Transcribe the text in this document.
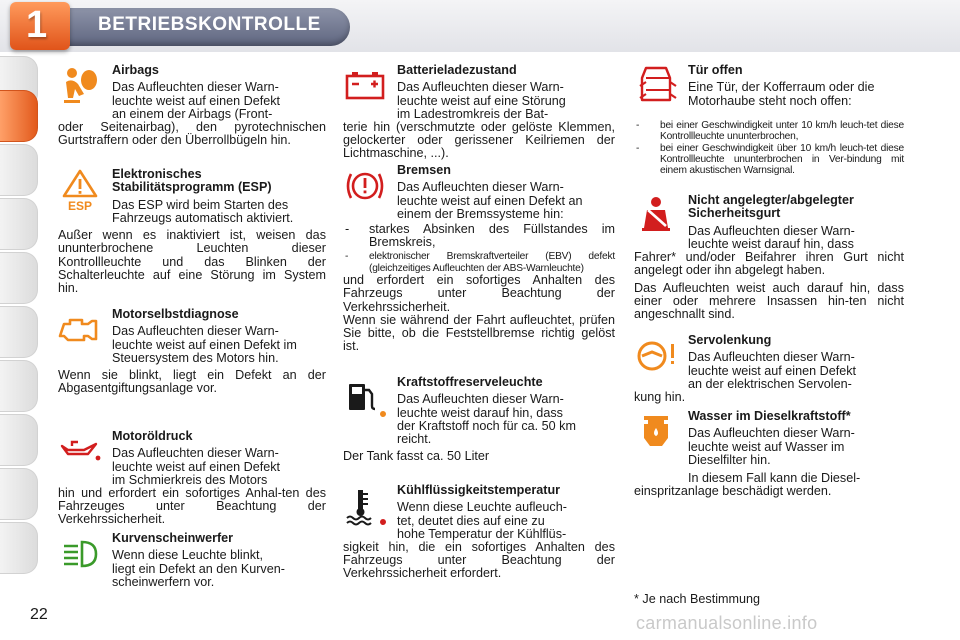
1	BETRIEBSKONTROLLE
Airbags
Das Aufleuchten dieser Warn-
leuchte weist auf einen Defekt
an einem der Airbags (Front-
oder Seitenairbag), den pyrotechnischen Gurtstraffern oder den Überrollbügeln hin.
ESP
Elektronisches Stabilitätsprogramm (ESP)
Das ESP wird beim Starten des
Fahrzeugs automatisch aktiviert.

Außer wenn es inaktiviert ist, weisen das ununterbrochene Leuchten dieser Kontrollleuchte und das Blinken der Schalterleuchte auf eine Störung im System hin.

Motorselbstdiagnose
Das Aufleuchten dieser Warn-
leuchte weist auf einen Defekt im
Steuersystem des Motors hin.

Wenn sie blinkt, liegt ein Defekt an der Abgasentgiftungsanlage vor.

Motoröldruck
Das Aufleuchten dieser Warn-
leuchte weist auf einen Defekt
im Schmierkreis des Motors
hin und erfordert ein sofortiges Anhal-ten des Fahrzeuges unter Beachtung der Verkehrssicherheit.
Kurvenscheinwerfer
Wenn diese Leuchte blinkt,
liegt ein Defekt an den Kurven-
scheinwerfern vor.
Batterieladezustand
Das Aufleuchten dieser Warn-
leuchte weist auf eine Störung
im Ladestromkreis der Bat-
terie hin (verschmutzte oder gelöste Klemmen, gelockerter oder gerissener Keilriemen der Lichtmaschine, ...).
Bremsen
Das Aufleuchten dieser Warn-
leuchte weist auf einen Defekt an
einem der Bremssysteme hin:
- starkes Absinken des Füllstandes im Bremskreis,
- elektronischer Bremskraftverteiler (EBV) defekt (gleichzeitiges Aufleuchten der ABS-Warnleuchte)

und erfordert ein sofortiges Anhalten des Fahrzeugs unter Beachtung der Verkehrssicherheit.

Wenn sie während der Fahrt aufleuchtet, prüfen Sie bitte, ob die Feststellbremse richtig gelöst ist.

Kraftstoffreserveleuchte
Das Aufleuchten dieser Warn-
leuchte weist darauf hin, dass
der Kraftstoff noch für ca. 50 km
reicht.

Der Tank fasst ca. 50 Liter

Kühlflüssigkeitstemperatur
Wenn diese Leuchte aufleuch-
tet, deutet dies auf eine zu
hohe Temperatur der Kühlflüs-
sigkeit hin, die ein sofortiges Anhalten des Fahrzeugs unter Beachtung der Verkehrssicherheit erfordert.
Tür offen
Eine Tür, der Kofferraum oder die
Motorhaube steht noch offen:
- bei einer Geschwindigkeit unter 10 km/h leuch-tet diese Kontrollleuchte ununterbrochen,
- bei einer Geschwindigkeit über 10 km/h leuch-tet diese Kontrollleuchte ununterbrochen in Ver-bindung mit einem akustischen Warnsignal.
Nicht angelegter/abgelegter Sicherheitsgurt
Das Aufleuchten dieser Warn-
leuchte weist darauf hin, dass
Fahrer* und/oder Beifahrer ihren Gurt nicht angelegt oder ihn abgelegt haben.

Das Aufleuchten weist auch darauf hin, dass einer oder mehrere Insassen hin-ten nicht angeschnallt sind.

Servolenkung
Das Aufleuchten dieser Warn-
leuchte weist auf einen Defekt
an der elektrischen Servolen-
kung hin.
Wasser im Dieselkraftstoff*
Das Aufleuchten dieser Warn-
leuchte weist auf Wasser im
Dieselfilter hin.
In diesem Fall kann die Diesel-
einspritzanlage beschädigt werden.
* Je nach Bestimmung
22	carmanualsonline.info
